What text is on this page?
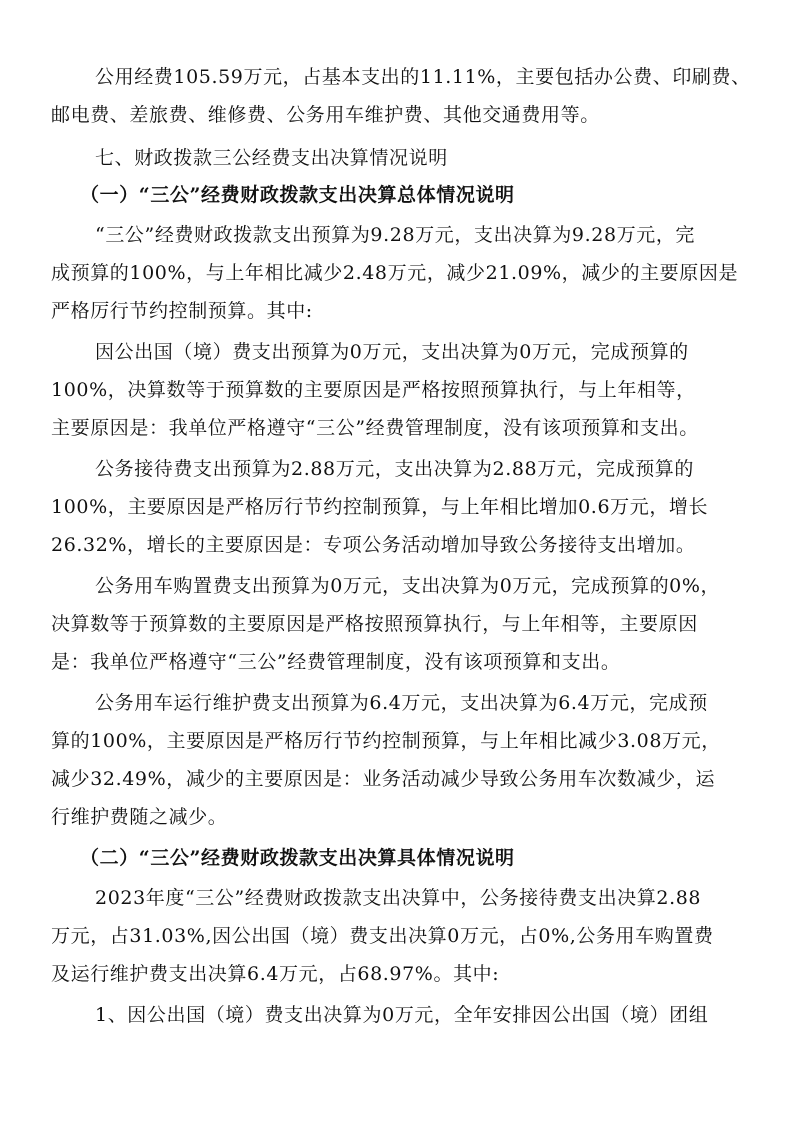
公用经费105.59万元，占基本支出的11.11%，主要包括办公费、印刷费、
邮电费、差旅费、维修费、公务用车维护费、其他交通费用等。
七、财政拨款三公经费支出决算情况说明
（一）“三公”经费财政拨款支出决算总体情况说明
“三公”经费财政拨款支出预算为9.28万元，支出决算为9.28万元，完
成预算的100%，与上年相比减少2.48万元，减少21.09%，减少的主要原因是
严格厉行节约控制预算。其中:
因公出国（境）费支出预算为0万元，支出决算为0万元，完成预算的
100%，决算数等于预算数的主要原因是严格按照预算执行，与上年相等，
主要原因是：我单位严格遵守“三公”经费管理制度，没有该项预算和支出。
公务接待费支出预算为2.88万元，支出决算为2.88万元，完成预算的
100%，主要原因是严格厉行节约控制预算，与上年相比增加0.6万元，增长
26.32%，增长的主要原因是：专项公务活动增加导致公务接待支出增加。
公务用车购置费支出预算为0万元，支出决算为0万元，完成预算的0%，
决算数等于预算数的主要原因是严格按照预算执行，与上年相等，主要原因
是：我单位严格遵守“三公”经费管理制度，没有该项预算和支出。
公务用车运行维护费支出预算为6.4万元，支出决算为6.4万元，完成预
算的100%，主要原因是严格厉行节约控制预算，与上年相比减少3.08万元，
减少32.49%，减少的主要原因是：业务活动减少导致公务用车次数减少，运
行维护费随之减少。
（二）“三公”经费财政拨款支出决算具体情况说明
2023年度“三公”经费财政拨款支出决算中，公务接待费支出决算2.88
万元，占31.03%,因公出国（境）费支出决算0万元，占0%,公务用车购置费
及运行维护费支出决算6.4万元，占68.97%。其中:
1、因公出国（境）费支出决算为0万元，全年安排因公出国（境）团组
